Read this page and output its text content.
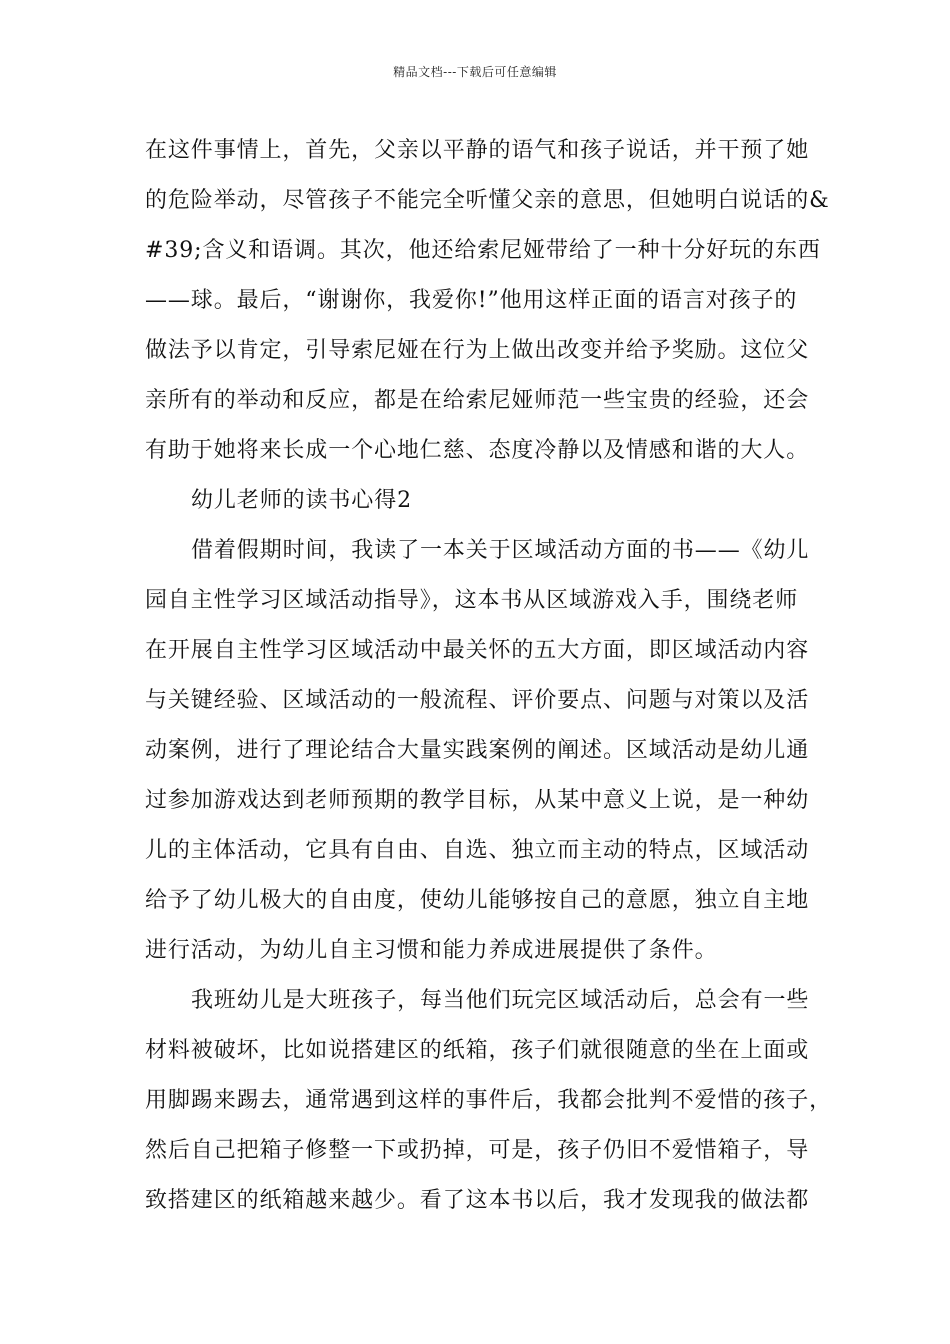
精品文档---下载后可任意编辑
在这件事情上，首先，父亲以平静的语气和孩子说话，并干预了她
的危险举动，尽管孩子不能完全听懂父亲的意思，但她明白说话的&
#39;含义和语调。其次，他还给索尼娅带给了一种十分好玩的东西
——球。最后，“谢谢你，我爱你!”他用这样正面的语言对孩子的
做法予以肯定，引导索尼娅在行为上做出改变并给予奖励。这位父
亲所有的举动和反应，都是在给索尼娅师范一些宝贵的经验，还会
有助于她将来长成一个心地仁慈、态度冷静以及情感和谐的大人。
幼儿老师的读书心得2
借着假期时间，我读了一本关于区域活动方面的书——《幼儿
园自主性学习区域活动指导》，这本书从区域游戏入手，围绕老师
在开展自主性学习区域活动中最关怀的五大方面，即区域活动内容
与关键经验、区域活动的一般流程、评价要点、问题与对策以及活
动案例，进行了理论结合大量实践案例的阐述。区域活动是幼儿通
过参加游戏达到老师预期的教学目标，从某中意义上说，是一种幼
儿的主体活动，它具有自由、自选、独立而主动的特点，区域活动
给予了幼儿极大的自由度，使幼儿能够按自己的意愿，独立自主地
进行活动，为幼儿自主习惯和能力养成进展提供了条件。
我班幼儿是大班孩子，每当他们玩完区域活动后，总会有一些
材料被破坏，比如说搭建区的纸箱，孩子们就很随意的坐在上面或
用脚踢来踢去，通常遇到这样的事件后，我都会批判不爱惜的孩子，
然后自己把箱子修整一下或扔掉，可是，孩子仍旧不爱惜箱子，导
致搭建区的纸箱越来越少。看了这本书以后，我才发现我的做法都
